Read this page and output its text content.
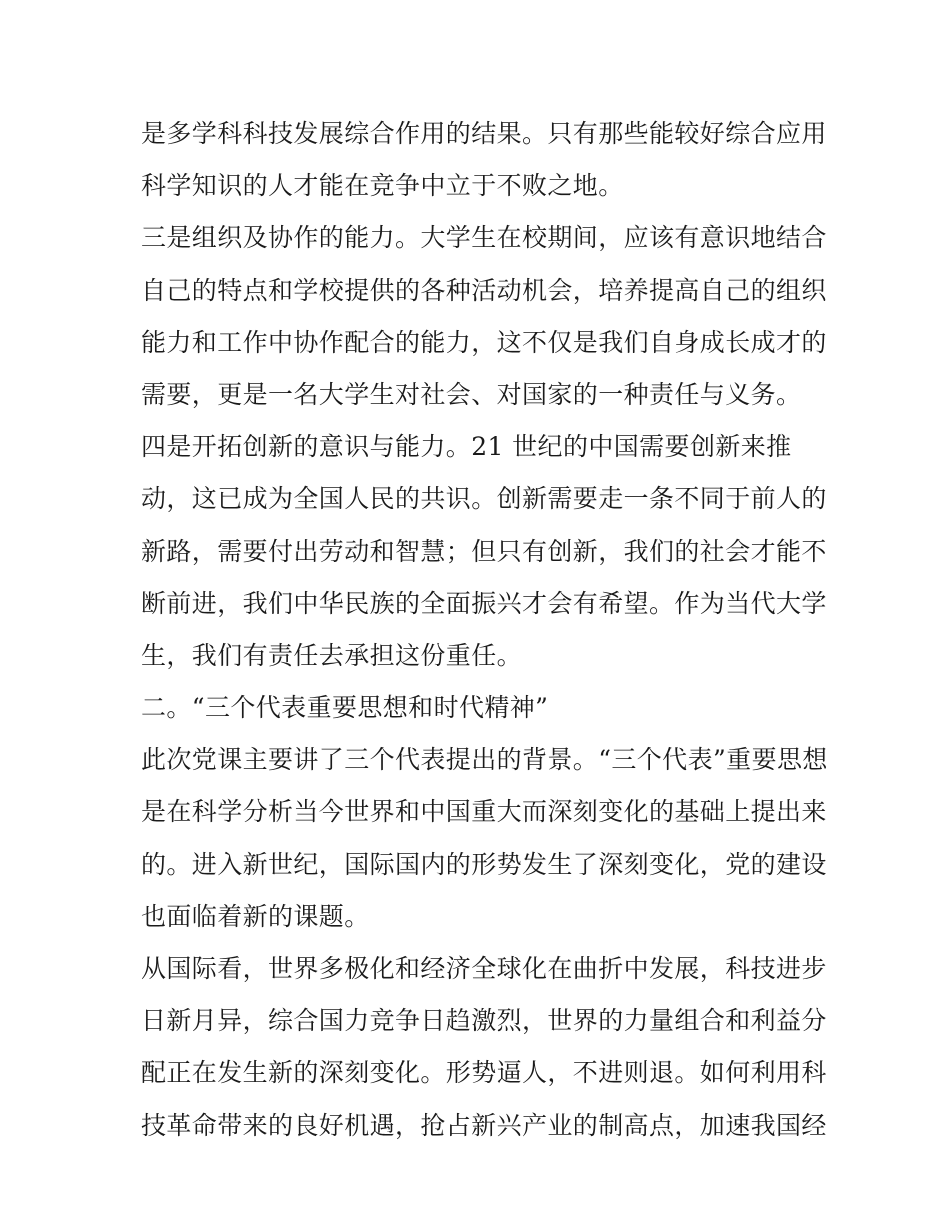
是多学科科技发展综合作用的结果。只有那些能较好综合应用
科学知识的人才能在竞争中立于不败之地。
三是组织及协作的能力。大学生在校期间，应该有意识地结合
自己的特点和学校提供的各种活动机会，培养提高自己的组织
能力和工作中协作配合的能力，这不仅是我们自身成长成才的
需要，更是一名大学生对社会、对国家的一种责任与义务。
四是开拓创新的意识与能力。21 世纪的中国需要创新来推
动，这已成为全国人民的共识。创新需要走一条不同于前人的
新路，需要付出劳动和智慧；但只有创新，我们的社会才能不
断前进，我们中华民族的全面振兴才会有希望。作为当代大学
生，我们有责任去承担这份重任。
二。“三个代表重要思想和时代精神”
此次党课主要讲了三个代表提出的背景。“三个代表”重要思想
是在科学分析当今世界和中国重大而深刻变化的基础上提出来
的。进入新世纪，国际国内的形势发生了深刻变化，党的建设
也面临着新的课题。
从国际看，世界多极化和经济全球化在曲折中发展，科技进步
日新月异，综合国力竞争日趋激烈，世界的力量组合和利益分
配正在发生新的深刻变化。形势逼人，不进则退。如何利用科
技革命带来的良好机遇，抢占新兴产业的制高点，加速我国经
